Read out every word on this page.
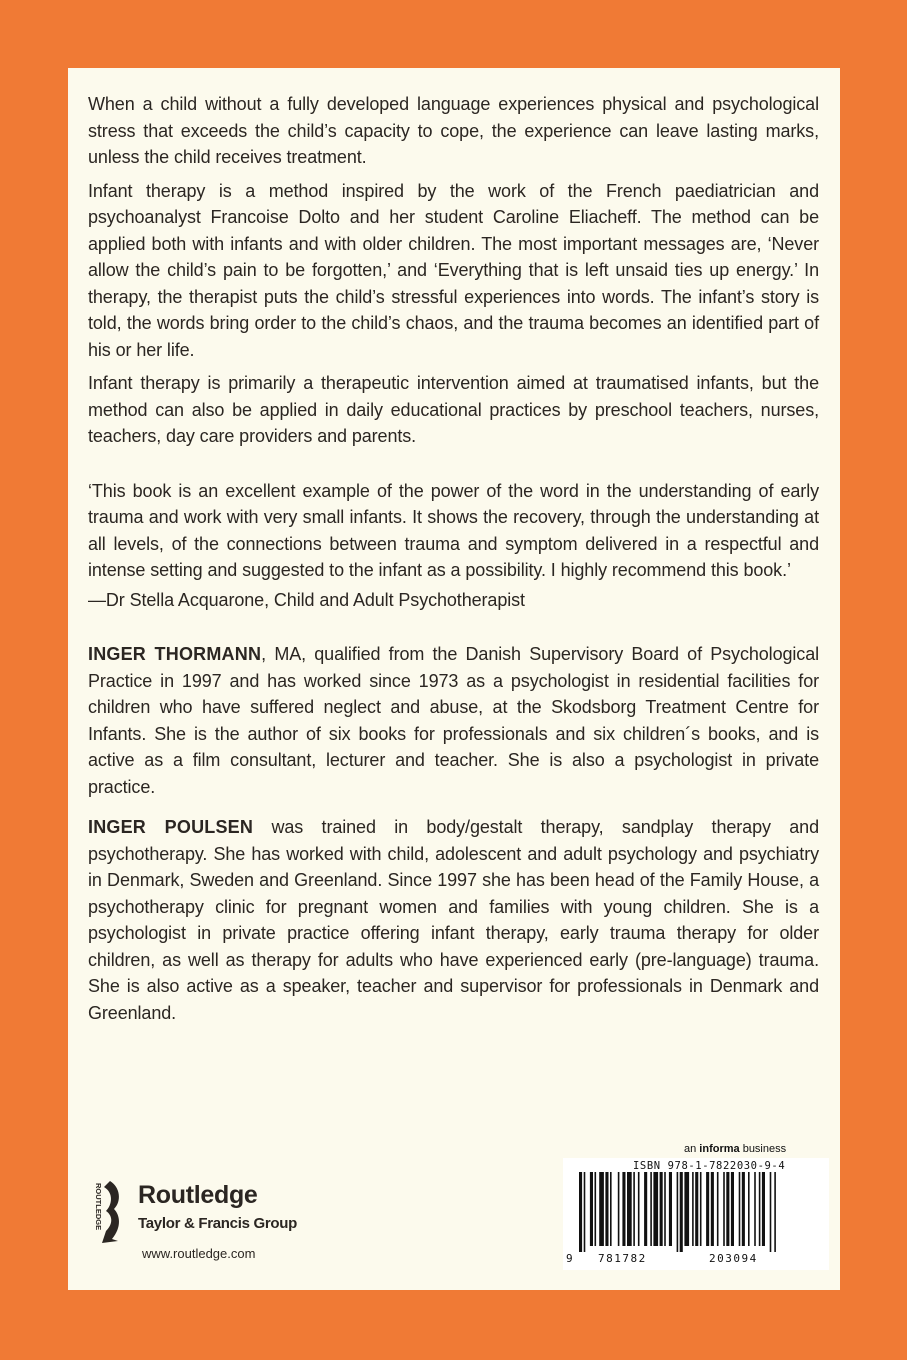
When a child without a fully developed language experiences physical and psychological stress that exceeds the child’s capacity to cope, the experience can leave lasting marks, unless the child receives treatment.

Infant therapy is a method inspired by the work of the French paediatrician and psychoanalyst Francoise Dolto and her student Caroline Eliacheff. The method can be applied both with infants and with older children. The most important messages are, ‘Never allow the child’s pain to be forgotten,’ and ‘Everything that is left unsaid ties up energy.’ In therapy, the therapist puts the child’s stressful experiences into words. The infant’s story is told, the words bring order to the child’s chaos, and the trauma becomes an identified part of his or her life.

Infant therapy is primarily a therapeutic intervention aimed at traumatised infants, but the method can also be applied in daily educational practices by preschool teachers, nurses, teachers, day care providers and parents.

‘This book is an excellent example of the power of the word in the understanding of early trauma and work with very small infants. It shows the recovery, through the understanding at all levels, of the connections between trauma and symptom delivered in a respectful and intense setting and suggested to the infant as a possibility. I highly recommend this book.’

—Dr Stella Acquarone, Child and Adult Psychotherapist

INGER THORMANN, MA, qualified from the Danish Supervisory Board of Psychological Practice in 1997 and has worked since 1973 as a psychologist in residential facilities for children who have suffered neglect and abuse, at the Skodsborg Treatment Centre for Infants. She is the author of six books for professionals and six children´s books, and is active as a film consultant, lecturer and teacher. She is also a psychologist in private practice.

INGER POULSEN was trained in body/gestalt therapy, sandplay therapy and psychotherapy. She has worked with child, adolescent and adult psychology and psychiatry in Denmark, Sweden and Greenland. Since 1997 she has been head of the Family House, a psychotherapy clinic for pregnant women and families with young children. She is a psychologist in private practice offering infant therapy, early trauma therapy for older children, as well as therapy for adults who have experienced early (pre-language) trauma. She is also active as a speaker, teacher and supervisor for professionals in Denmark and Greenland.

ROUTLEDGE Routledge
Taylor & Francis Group
www.routledge.com
an informa business
ISBN 978-1-7822030-9-4
9 781782	203094
